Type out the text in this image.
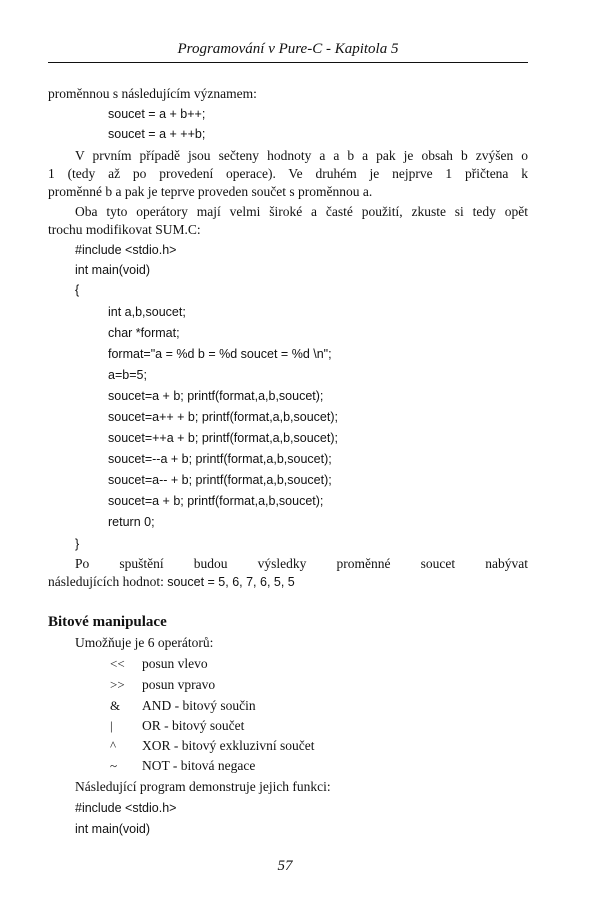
Programování v Pure-C - Kapitola 5
proměnnou s následujícím významem:
soucet = a + b++;
soucet = a + ++b;
V prvním případě jsou sečteny hodnoty a a b a pak je obsah b zvýšen o
1 (tedy až po provedení operace). Ve druhém je nejprve 1 přičtena k
proměnné b a pak je teprve proveden součet s proměnnou a.
Oba tyto operátory mají velmi široké a časté použití, zkuste si tedy opět
trochu modifikovat SUM.C:
#include <stdio.h>
int main(void)
{
int a,b,soucet;
char *format;
format="a = %d b = %d soucet = %d \n";
a=b=5;
soucet=a + b; printf(format,a,b,soucet);
soucet=a++ + b; printf(format,a,b,soucet);
soucet=++a + b; printf(format,a,b,soucet);
soucet=--a + b; printf(format,a,b,soucet);
soucet=a-- + b; printf(format,a,b,soucet);
soucet=a + b; printf(format,a,b,soucet);
return 0;
}
Po spuštění budou výsledky proměnné soucet nabývat
následujících hodnot: soucet = 5, 6, 7, 6, 5, 5
Bitové manipulace
Umožňuje je 6 operátorů:
<< posun vlevo
>> posun vpravo
& AND - bitový součin
| OR - bitový součet
^ XOR - bitový exkluzivní součet
~ NOT - bitová negace
Následující program demonstruje jejich funkci:
#include <stdio.h>
int main(void)
57
